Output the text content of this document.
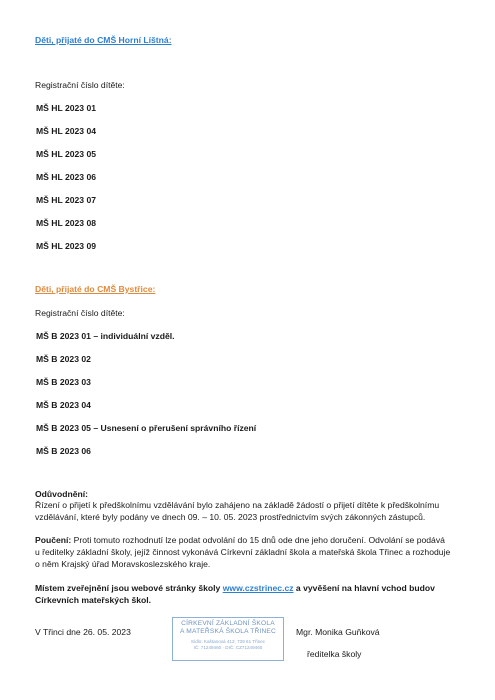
Děti, přijaté do CMŠ Horní Líštná:
Registrační číslo dítěte:
MŠ HL 2023 01
MŠ HL 2023 04
MŠ HL 2023 05
MŠ HL 2023 06
MŠ HL 2023 07
MŠ HL 2023 08
MŠ HL 2023 09
Děti, přijaté do CMŠ Bystřice:
Registrační číslo dítěte:
MŠ B 2023 01 – individuální vzděl.
MŠ B 2023 02
MŠ B 2023 03
MŠ B 2023 04
MŠ B 2023 05 – Usnesení o přerušení správního řízení
MŠ B 2023 06
Odůvodnění:
Řízení o přijetí k předškolnímu vzdělávání bylo zahájeno na základě žádostí o přijetí dítěte k předškolnímu
vzdělávání, které byly podány ve dnech 09. – 10. 05. 2023 prostřednictvím svých zákonných zástupců.
Poučení: Proti tomuto rozhodnutí lze podat odvolání do 15 dnů ode dne jeho doručení. Odvolání se podává
u ředitelky základní školy, jejíž činnost vykonává Církevní základní škola a mateřská škola Třinec a rozhoduje
o něm Krajský úřad Moravskoslezského kraje.
Místem zveřejnění jsou webové stránky školy www.czstrinec.cz a vyvěšení na hlavní vchod budov
Církevních mateřských škol.
V Třinci dne 26. 05. 2023
CÍRKEVNÍ ZÁKLADNÍ ŠKOLA
A MATEŘSKÁ ŠKOLA TŘINEC
Sídlo: Kaštanová 412, 739 61 Třinec
IČ: 71249460 · DIČ: CZ71249460
Mgr. Monika Guňková
ředitelka školy
